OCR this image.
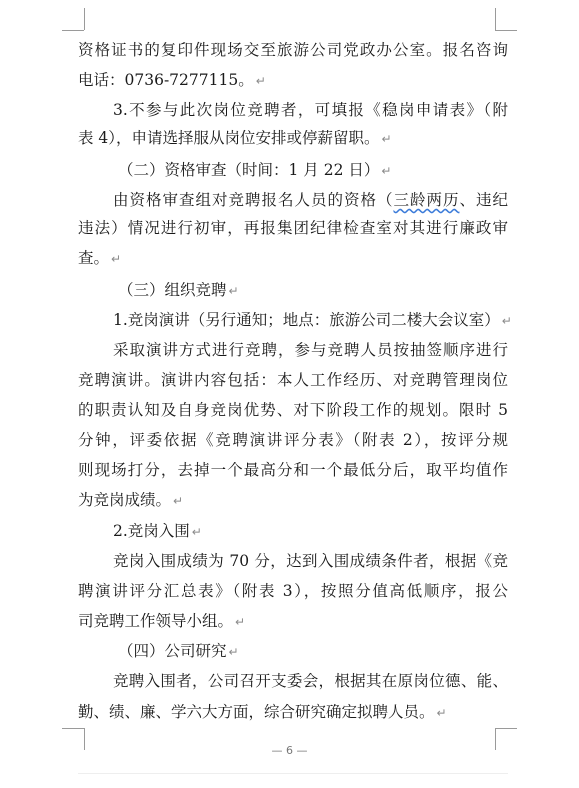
资格证书的复印件现场交至旅游公司党政办公室。报名咨询
电话：0736-7277115。 ↵
3.不参与此次岗位竞聘者，可填报《稳岗申请表》（附
表 4），申请选择服从岗位安排或停薪留职。 ↵
（二）资格审查（时间：1 月 22 日） ↵
由资格审查组对竞聘报名人员的资格（三龄两历、违纪
违法）情况进行初审，再报集团纪律检查室对其进行廉政审
查。 ↵
（三）组织竞聘 ↵
1.竞岗演讲（另行通知；地点：旅游公司二楼大会议室） ↵
采取演讲方式进行竞聘，参与竞聘人员按抽签顺序进行
竞聘演讲。演讲内容包括：本人工作经历、对竞聘管理岗位
的职责认知及自身竞岗优势、对下阶段工作的规划。限时 5
分钟，评委依据《竞聘演讲评分表》（附表 2），按评分规
则现场打分，去掉一个最高分和一个最低分后，取平均值作
为竞岗成绩。 ↵
2.竞岗入围 ↵
竞岗入围成绩为 70 分，达到入围成绩条件者，根据《竞
聘演讲评分汇总表》（附表 3），按照分值高低顺序，报公
司竞聘工作领导小组。 ↵
（四）公司研究 ↵
竞聘入围者，公司召开支委会，根据其在原岗位德、能、
勤、绩、廉、学六大方面，综合研究确定拟聘人员。 ↵
— 6 —
